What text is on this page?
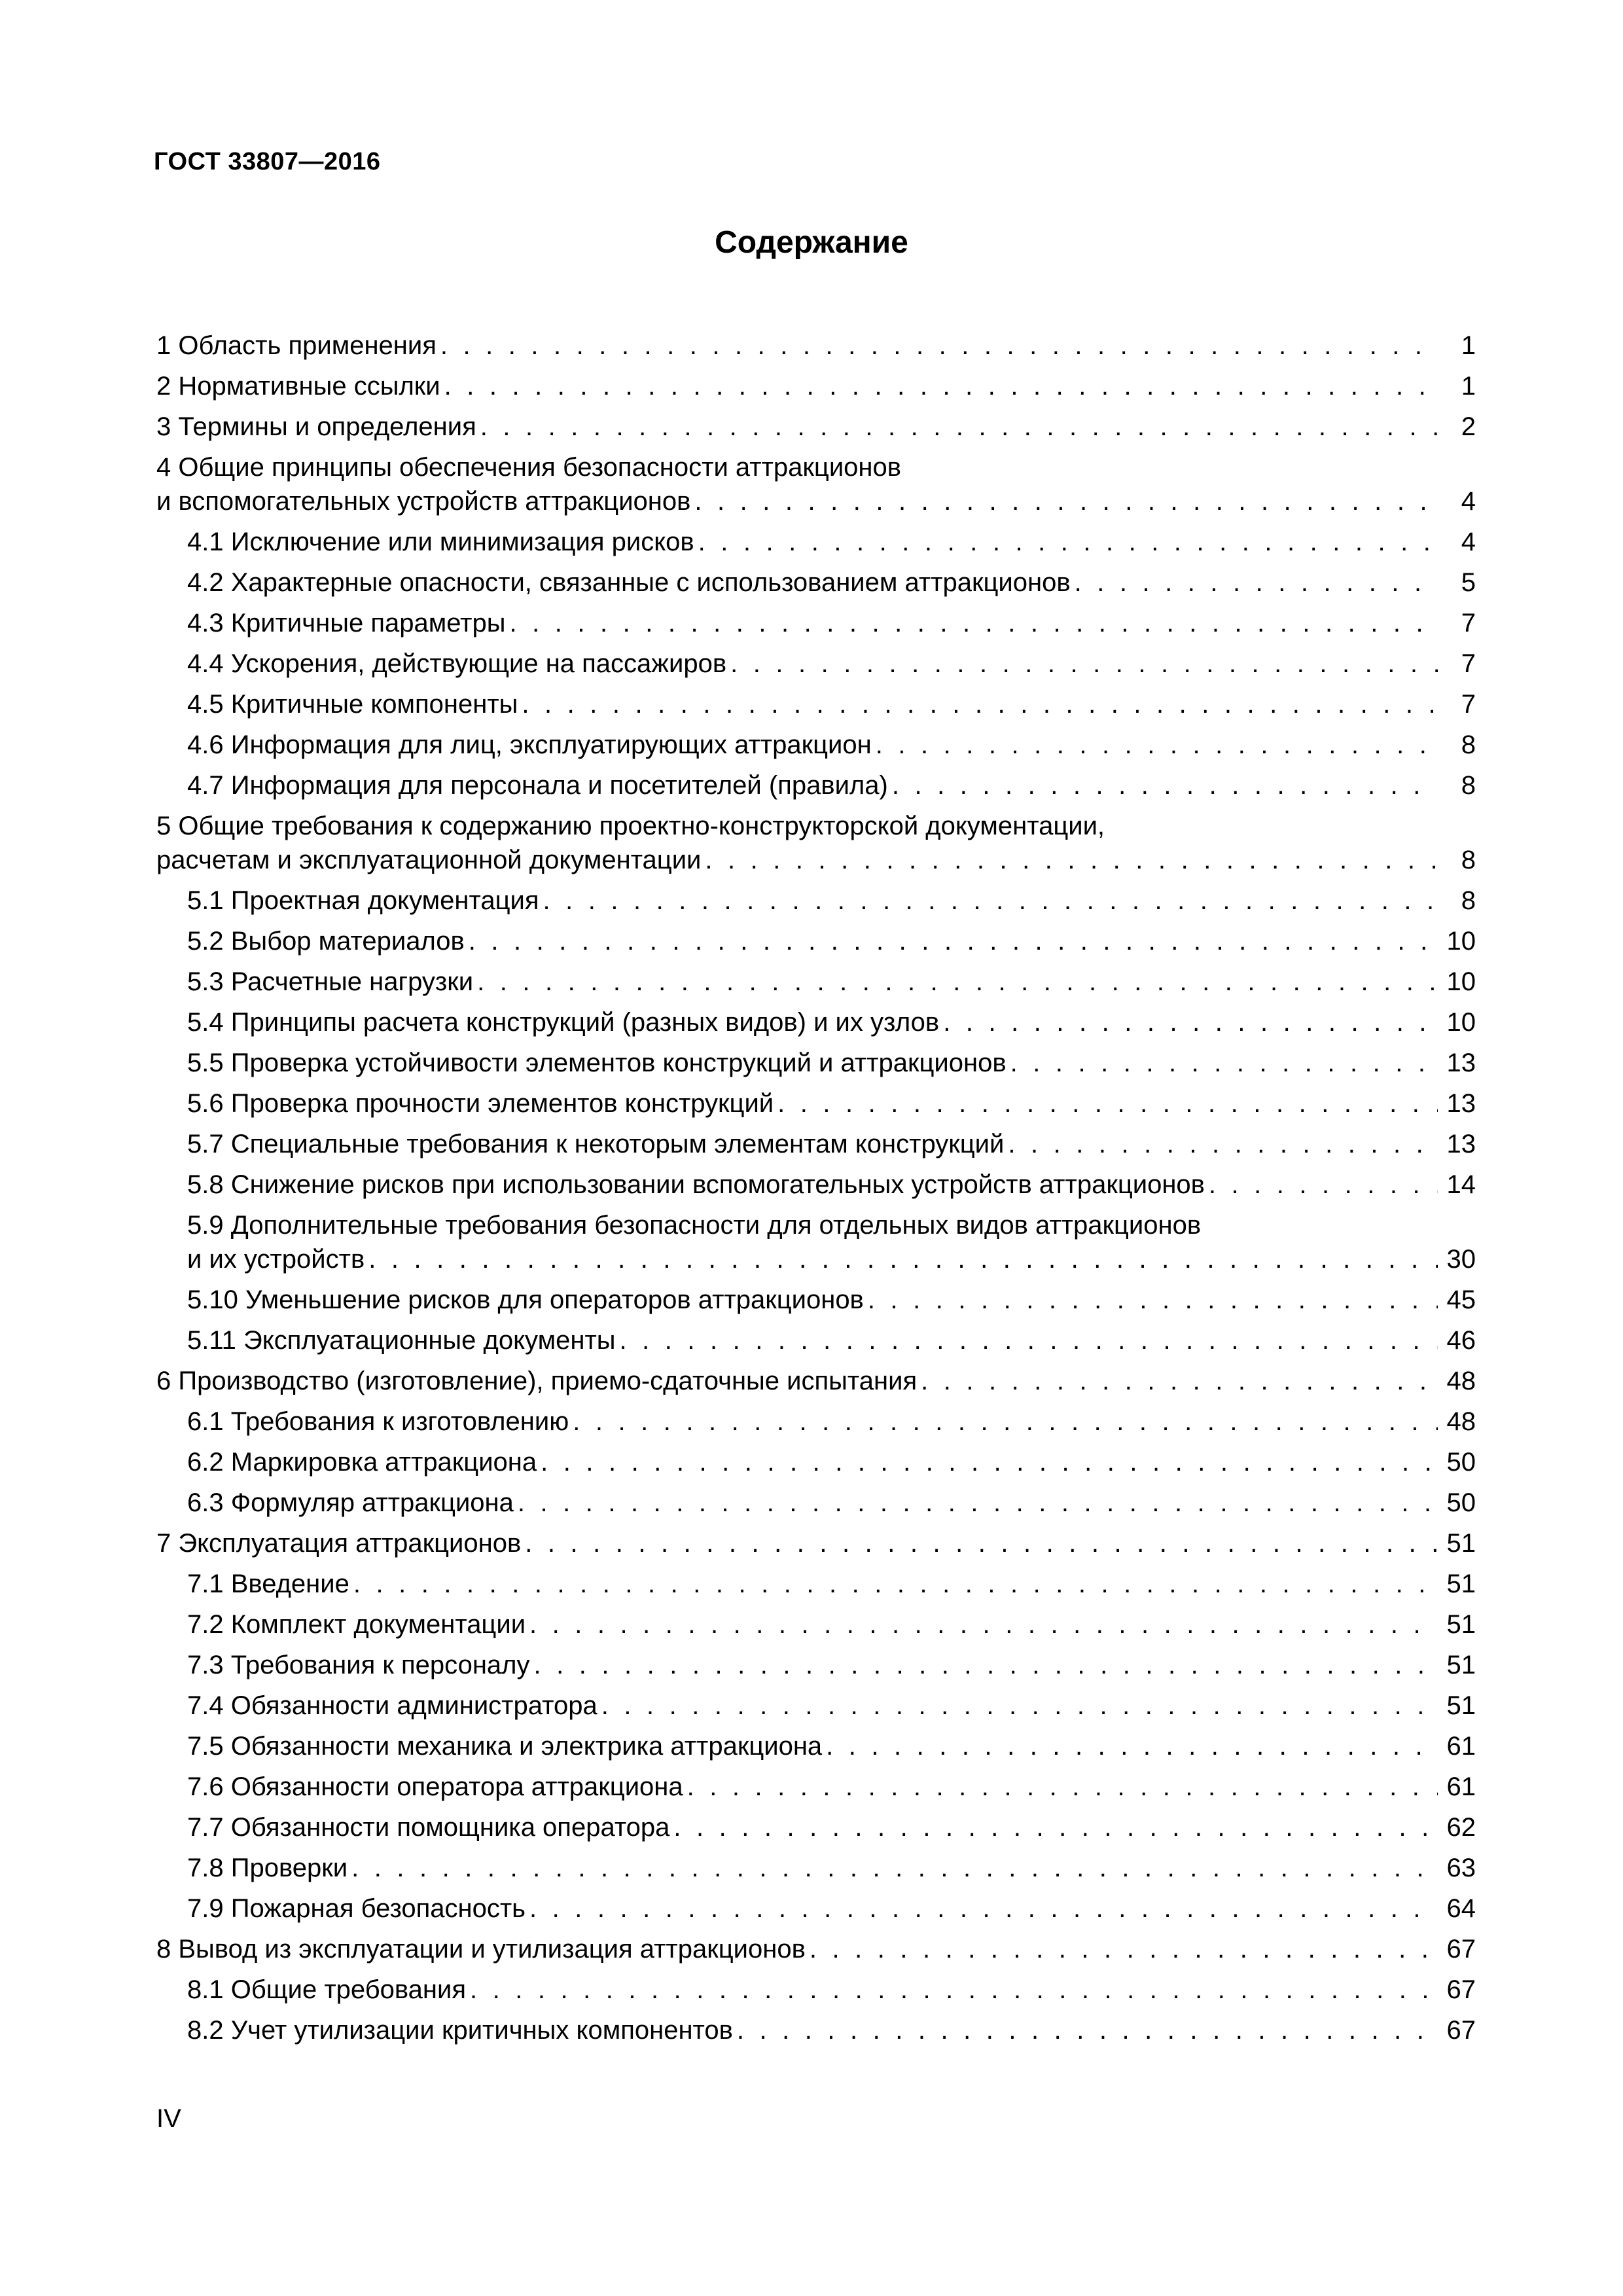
ГОСТ 33807—2016
Содержание
1 Область применения . . .	1
2 Нормативные ссылки . . .	1
3 Термины и определения . . .	2
4 Общие принципы обеспечения безопасности аттракционов
и вспомогательных устройств аттракционов . . .	4
4.1 Исключение или минимизация рисков . . .	4
4.2 Характерные опасности, связанные с использованием аттракционов . . .	5
4.3 Критичные параметры . . .	7
4.4 Ускорения, действующие на пассажиров . . .	7
4.5 Критичные компоненты . . .	7
4.6 Информация для лиц, эксплуатирующих аттракцион . . .	8
4.7 Информация для персонала и посетителей (правила) . . .	8
5 Общие требования к содержанию проектно-конструкторской документации,
расчетам и эксплуатационной документации . . .	8
5.1 Проектная документация . . .	8
5.2 Выбор материалов . . .	10
5.3 Расчетные нагрузки . . .	10
5.4 Принципы расчета конструкций (разных видов) и их узлов . . .	10
5.5 Проверка устойчивости элементов конструкций и аттракционов . . .	13
5.6 Проверка прочности элементов конструкций . . .	13
5.7 Специальные требования к некоторым элементам конструкций . . .	13
5.8 Снижение рисков при использовании вспомогательных устройств аттракционов . . .	14
5.9 Дополнительные требования безопасности для отдельных видов аттракционов
и их устройств . . .	30
5.10 Уменьшение рисков для операторов аттракционов . . .	45
5.11 Эксплуатационные документы . . .	46
6 Производство (изготовление), приемо-сдаточные испытания . . .	48
6.1 Требования к изготовлению . . .	48
6.2 Маркировка аттракциона . . .	50
6.3 Формуляр аттракциона . . .	50
7 Эксплуатация аттракционов . . .	51
7.1 Введение . . .	51
7.2 Комплект документации . . .	51
7.3 Требования к персоналу . . .	51
7.4 Обязанности администратора . . .	51
7.5 Обязанности механика и электрика аттракциона . . .	61
7.6 Обязанности оператора аттракциона . . .	61
7.7 Обязанности помощника оператора . . .	62
7.8 Проверки . . .	63
7.9 Пожарная безопасность . . .	64
8 Вывод из эксплуатации и утилизация аттракционов . . .	67
8.1 Общие требования . . .	67
8.2 Учет утилизации критичных компонентов . . .	67
IV
